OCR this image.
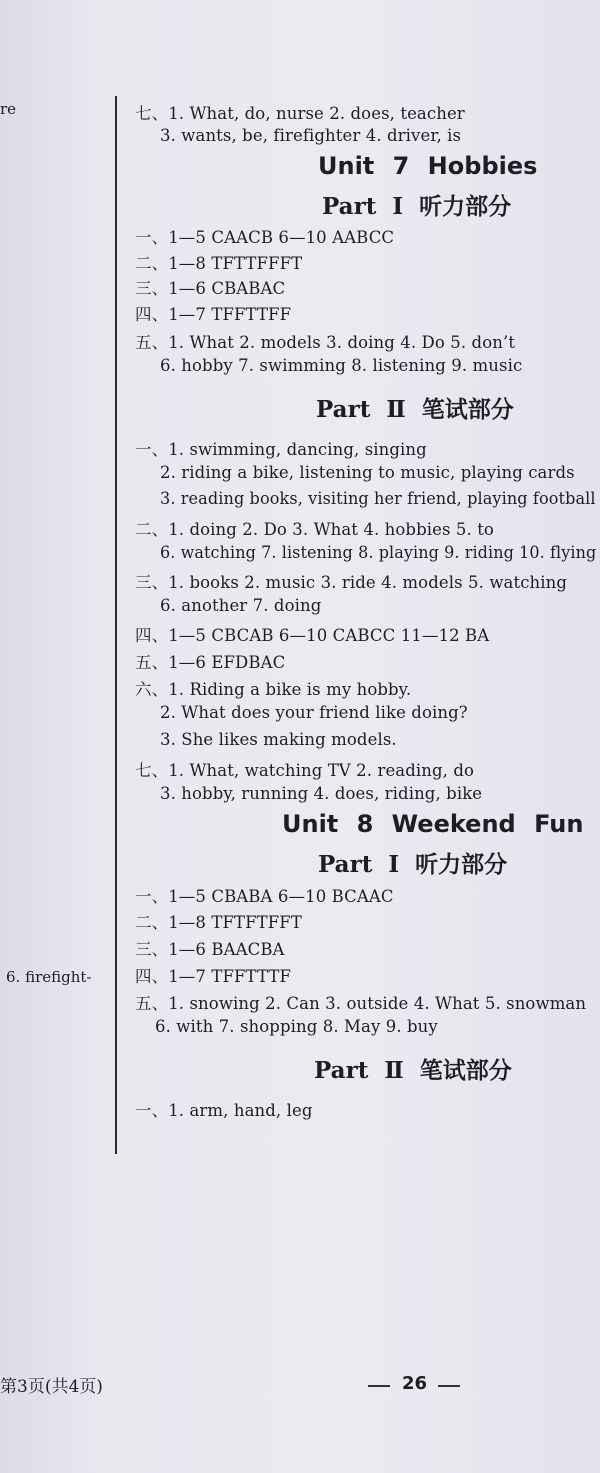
re
6. firefight-
七、1. What, do, nurse 2. does, teacher
3. wants, be, firefighter 4. driver, is
Unit 7 Hobbies
Part Ⅰ 听力部分
一、1—5 CAACB 6—10 AABCC
二、1—8 TFTTFFFT
三、1—6 CBABAC
四、1—7 TFFTTFF
五、1. What 2. models 3. doing 4. Do 5. don’t
6. hobby 7. swimming 8. listening 9. music
Part Ⅱ 笔试部分
一、1. swimming, dancing, singing
2. riding a bike, listening to music, playing cards
3. reading books, visiting her friend, playing football
二、1. doing 2. Do 3. What 4. hobbies 5. to
6. watching 7. listening 8. playing 9. riding 10. flying
三、1. books 2. music 3. ride 4. models 5. watching
6. another 7. doing
四、1—5 CBCAB 6—10 CABCC 11—12 BA
五、1—6 EFDBAC
六、1. Riding a bike is my hobby.
2. What does your friend like doing?
3. She likes making models.
七、1. What, watching TV 2. reading, do
3. hobby, running 4. does, riding, bike
Unit 8 Weekend Fun
Part Ⅰ 听力部分
一、1—5 CBABA 6—10 BCAAC
二、1—8 TFTFTFFT
三、1—6 BAACBA
四、1—7 TFFTTTF
五、1. snowing 2. Can 3. outside 4. What 5. snowman
6. with 7. shopping 8. May 9. buy
Part Ⅱ 笔试部分
一、1. arm, hand, leg
第3页(共4页)	26
